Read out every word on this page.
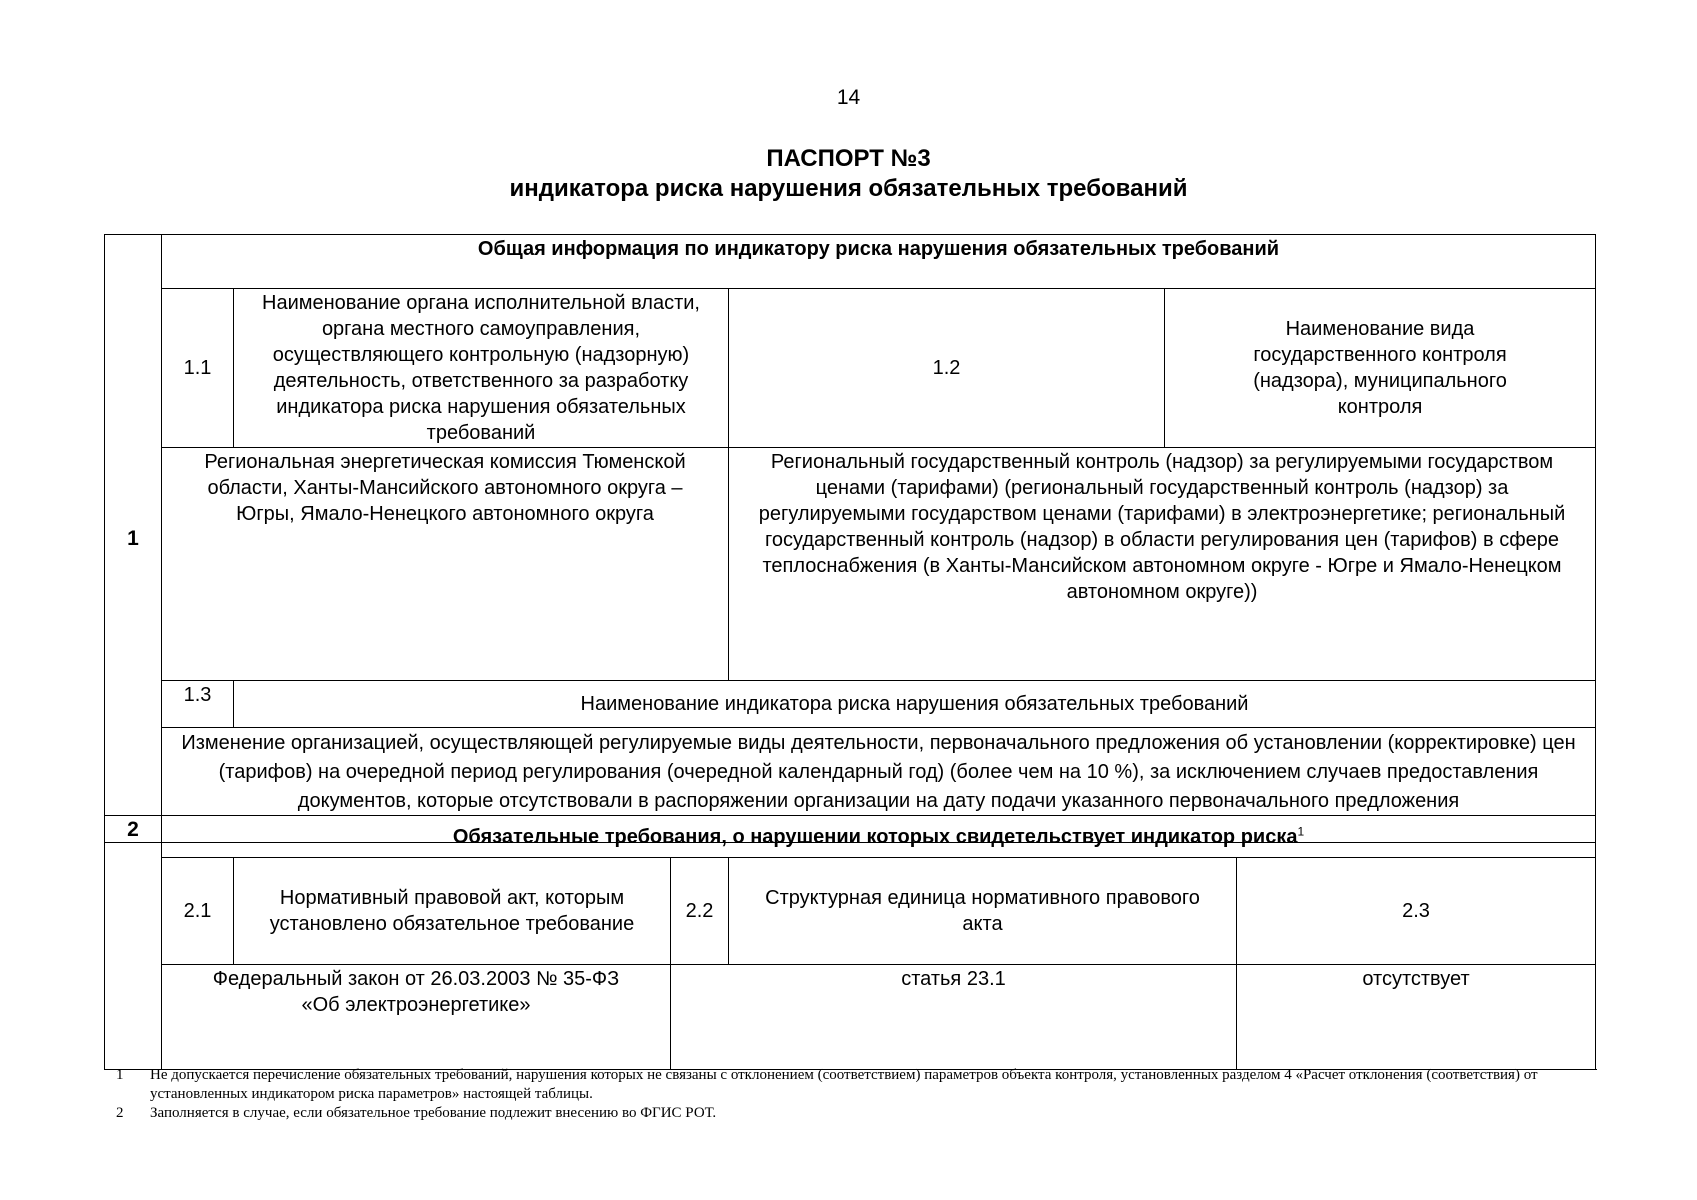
14
ПАСПОРТ №3
индикатора риска нарушения обязательных требований
1	Общая информация по индикатору риска нарушения обязательных требований			
	1.1	Наименование органа исполнительной власти, органа местного самоуправления, осуществляющего контрольную (надзорную) деятельность, ответственного за разработку индикатора риска нарушения обязательных требований	1.2	Наименование вида государственного контроля (надзора), муниципального контроля
	Региональная энергетическая комиссия Тюменской области, Ханты-Мансийского автономного округа – Югры, Ямало-Ненецкого автономного округа		Региональный государственный контроль (надзор) за регулируемыми государством ценами (тарифами) (региональный государственный контроль (надзор) за регулируемыми государством ценами (тарифами) в электроэнергетике; региональный государственный контроль (надзор) в области регулирования цен (тарифов) в сфере теплоснабжения (в Ханты-Мансийском автономном округе - Югре и Ямало-Ненецком автономном округе))	
	1.3	Наименование индикатора риска нарушения обязательных требований		
	Изменение организацией, осуществляющей регулируемые виды деятельности, первоначального предложения об установлении (корректировке) цен (тарифов) на очередной период регулирования (очередной календарный год) (более чем на 10 %), за исключением случаев предоставления документов, которые отсутствовали в распоряжении организации на дату подачи указанного первоначального предложения			
2	Обязательные требования, о нарушении которых свидетельствует индикатор риска$^1$
	2.1	Нормативный правовой акт, которым установлено обязательное требование	2.2	Структурная единица нормативного правового акта	2.3	
	Федеральный закон от 26.03.2003 № 35-ФЗ «Об электроэнергетике»		статья 23.1		отсутствует	
1	Не допускается перечисление обязательных требований, нарушения которых не связаны с отклонением (соответствием) параметров объекта контроля, установленных разделом 4 «Расчет отклонения (соответствия) от установленных индикатором риска параметров» настоящей таблицы.
2	Заполняется в случае, если обязательное требование подлежит внесению во ФГИС РОТ.
